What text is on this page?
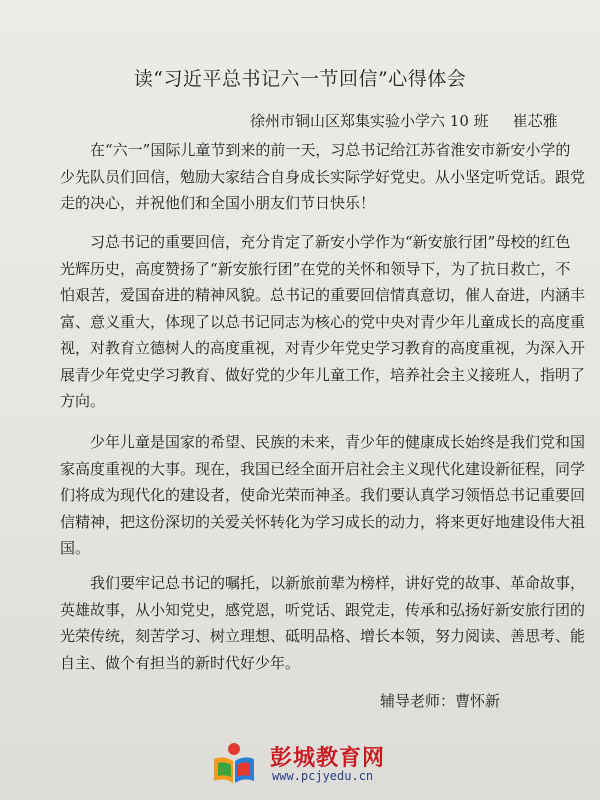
读“习近平总书记六一节回信”心得体会
徐州市铜山区郑集实验小学六 10 班 崔芯雅
　　在“六一”国际儿童节到来的前一天，习总书记给江苏省淮安市新安小学的
少先队员们回信，勉励大家结合自身成长实际学好党史。从小坚定听党话。跟党
走的决心，并祝他们和全国小朋友们节日快乐！
　　习总书记的重要回信，充分肯定了新安小学作为“新安旅行团”母校的红色
光辉历史，高度赞扬了“新安旅行团”在党的关怀和领导下，为了抗日救亡，不
怕艰苦，爱国奋进的精神风貌。总书记的重要回信情真意切，催人奋进，内涵丰
富、意义重大，体现了以总书记同志为核心的党中央对青少年儿童成长的高度重
视，对教育立德树人的高度重视，对青少年党史学习教育的高度重视，为深入开
展青少年党史学习教育、做好党的少年儿童工作，培养社会主义接班人，指明了
方向。
　　少年儿童是国家的希望、民族的未来，青少年的健康成长始终是我们党和国
家高度重视的大事。现在，我国已经全面开启社会主义现代化建设新征程，同学
们将成为现代化的建设者，使命光荣而神圣。我们要认真学习领悟总书记重要回
信精神，把这份深切的关爱关怀转化为学习成长的动力，将来更好地建设伟大祖
国。
　　我们要牢记总书记的嘱托，以新旅前辈为榜样，讲好党的故事、革命故事，
英雄故事，从小知党史，感党恩，听党话、跟党走，传承和弘扬好新安旅行团的
光荣传统，刻苦学习、树立理想、砥明品格、增长本领，努力阅读、善思考、能
自主、做个有担当的新时代好少年。
辅导老师：曹怀新
彭城教育网
www.pcjyedu.cn
